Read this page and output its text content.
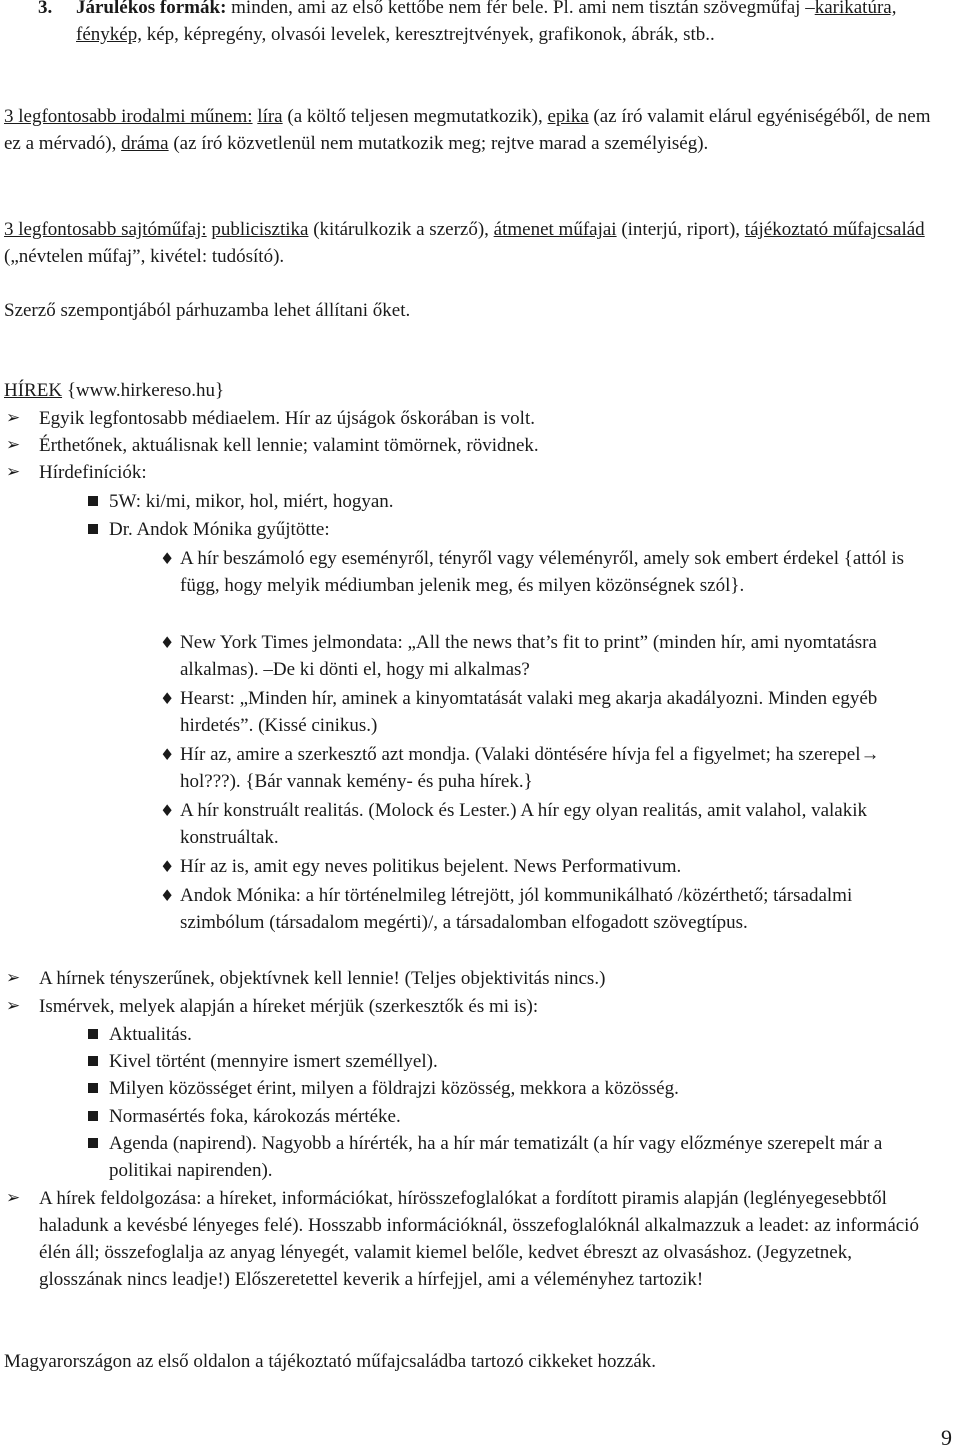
3.	Járulékos formák: minden, ami az első kettőbe nem fér bele. Pl. ami nem tisztán szövegműfaj –karikatúra, fénykép, kép, képregény, olvasói levelek, keresztrejtvények, grafikonok, ábrák, stb..

3 legfontosabb irodalmi műnem: líra (a költő teljesen megmutatkozik), epika (az író valamit elárul egyéniségéből, de nem ez a mérvadó), dráma (az író közvetlenül nem mutatkozik meg; rejtve marad a személyiség).

3 legfontosabb sajtóműfaj: publicisztika (kitárulkozik a szerző), átmenet műfajai (interjú, riport), tájékoztató műfajcsalád („névtelen műfaj”, kivétel: tudósító).

Szerző szempontjából párhuzamba lehet állítani őket.

HÍREK {www.hirkereso.hu}

➢ Egyik legfontosabb médiaelem. Hír az újságok őskorában is volt.

➢ Érthetőnek, aktuálisnak kell lennie; valamint tömörnek, rövidnek.

➢ Hírdefiníciók:

5W: ki/mi, mikor, hol, miért, hogyan.

Dr. Andok Mónika gyűjtötte:

♦ A hír beszámoló egy eseményről, tényről vagy véleményről, amely sok embert érdekel {attól is függ, hogy melyik médiumban jelenik meg, és milyen közönségnek szól}.

♦ New York Times jelmondata: „All the news that’s fit to print” (minden hír, ami nyomtatásra alkalmas). –De ki dönti el, hogy mi alkalmas?

♦ Hearst: „Minden hír, aminek a kinyomtatását valaki meg akarja akadályozni. Minden egyéb hirdetés”. (Kissé cinikus.)

♦ Hír az, amire a szerkesztő azt mondja. (Valaki döntésére hívja fel a figyelmet; ha szerepel→ hol???). {Bár vannak kemény- és puha hírek.}

♦ A hír konstruált realitás. (Molock és Lester.) A hír egy olyan realitás, amit valahol, valakik konstruáltak.

♦ Hír az is, amit egy neves politikus bejelent. News Performativum.

♦ Andok Mónika: a hír történelmileg létrejött, jól kommunikálható /közérthető; társadalmi szimbólum (társadalom megérti)/, a társadalomban elfogadott szövegtípus.

➢ A hírnek tényszerűnek, objektívnek kell lennie! (Teljes objektivitás nincs.)

➢ Ismérvek, melyek alapján a híreket mérjük (szerkesztők és mi is):

Aktualitás.

Kivel történt (mennyire ismert személlyel).

Milyen közösséget érint, milyen a földrajzi közösség, mekkora a közösség.

Normasértés foka, károkozás mértéke.

Agenda (napirend). Nagyobb a hírérték, ha a hír már tematizált (a hír vagy előzménye szerepelt már a politikai napirenden).

➢ A hírek feldolgozása: a híreket, információkat, hírösszefoglalókat a fordított piramis alapján (leglényegesebbtől haladunk a kevésbé lényeges felé). Hosszabb információknál, összefoglalóknál alkalmazzuk a leadet: az információ élén áll; összefoglalja az anyag lényegét, valamit kiemel belőle, kedvet ébreszt az olvasáshoz. (Jegyzetnek, glosszának nincs leadje!) Előszeretettel keverik a hírfejjel, ami a véleményhez tartozik!

Magyarországon az első oldalon a tájékoztató műfajcsaládba tartozó cikkeket hozzák.

9
